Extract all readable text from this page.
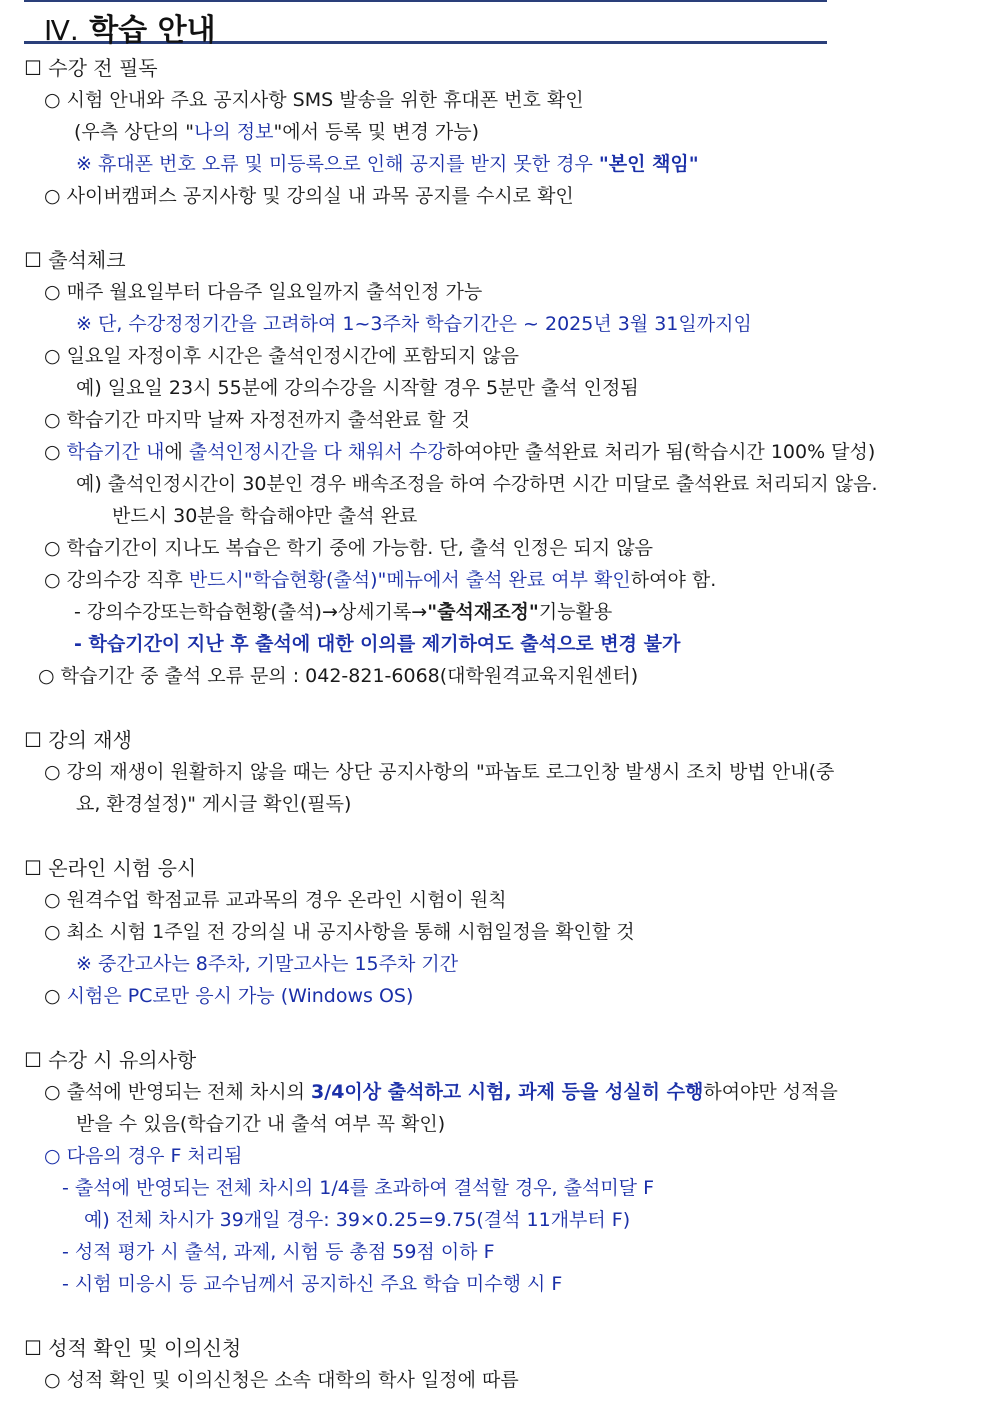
Ⅳ. 학습 안내
☐ 수강 전 필독
○ 시험 안내와 주요 공지사항 SMS 발송을 위한 휴대폰 번호 확인
(우측 상단의 "나의 정보"에서 등록 및 변경 가능)
※ 휴대폰 번호 오류 및 미등록으로 인해 공지를 받지 못한 경우 "본인 책임"
○ 사이버캠퍼스 공지사항 및 강의실 내 과목 공지를 수시로 확인
☐ 출석체크
○ 매주 월요일부터 다음주 일요일까지 출석인정 가능
※ 단, 수강정정기간을 고려하여 1~3주차 학습기간은 ~ 2025년 3월 31일까지임
○ 일요일 자정이후 시간은 출석인정시간에 포함되지 않음
예) 일요일 23시 55분에 강의수강을 시작할 경우 5분만 출석 인정됨
○ 학습기간 마지막 날짜 자정전까지 출석완료 할 것
○ 학습기간 내에 출석인정시간을 다 채워서 수강하여야만 출석완료 처리가 됨(학습시간 100% 달성)
예) 출석인정시간이 30분인 경우 배속조정을 하여 수강하면 시간 미달로 출석완료 처리되지 않음.
반드시 30분을 학습해야만 출석 완료
○ 학습기간이 지나도 복습은 학기 중에 가능함. 단, 출석 인정은 되지 않음
○ 강의수강 직후 반드시"학습현황(출석)"메뉴에서 출석 완료 여부 확인하여야 함.
- 강의수강또는학습현황(출석)→상세기록→"출석재조정"기능활용
- 학습기간이 지난 후 출석에 대한 이의를 제기하여도 출석으로 변경 불가
○ 학습기간 중 출석 오류 문의 : 042-821-6068(대학원격교육지원센터)
☐ 강의 재생
○ 강의 재생이 원활하지 않을 때는 상단 공지사항의 "파놉토 로그인창 발생시 조치 방법 안내(중
요, 환경설정)" 게시글 확인(필독)
☐ 온라인 시험 응시
○ 원격수업 학점교류 교과목의 경우 온라인 시험이 원칙
○ 최소 시험 1주일 전 강의실 내 공지사항을 통해 시험일정을 확인할 것
※ 중간고사는 8주차, 기말고사는 15주차 기간
○ 시험은 PC로만 응시 가능 (Windows OS)
☐ 수강 시 유의사항
○ 출석에 반영되는 전체 차시의 3/4이상 출석하고 시험, 과제 등을 성실히 수행하여야만 성적을
받을 수 있음(학습기간 내 출석 여부 꼭 확인)
○ 다음의 경우 F 처리됨
- 출석에 반영되는 전체 차시의 1/4를 초과하여 결석할 경우, 출석미달 F
예) 전체 차시가 39개일 경우: 39×0.25=9.75(결석 11개부터 F)
- 성적 평가 시 출석, 과제, 시험 등 총점 59점 이하 F
- 시험 미응시 등 교수님께서 공지하신 주요 학습 미수행 시 F
☐ 성적 확인 및 이의신청
○ 성적 확인 및 이의신청은 소속 대학의 학사 일정에 따름
